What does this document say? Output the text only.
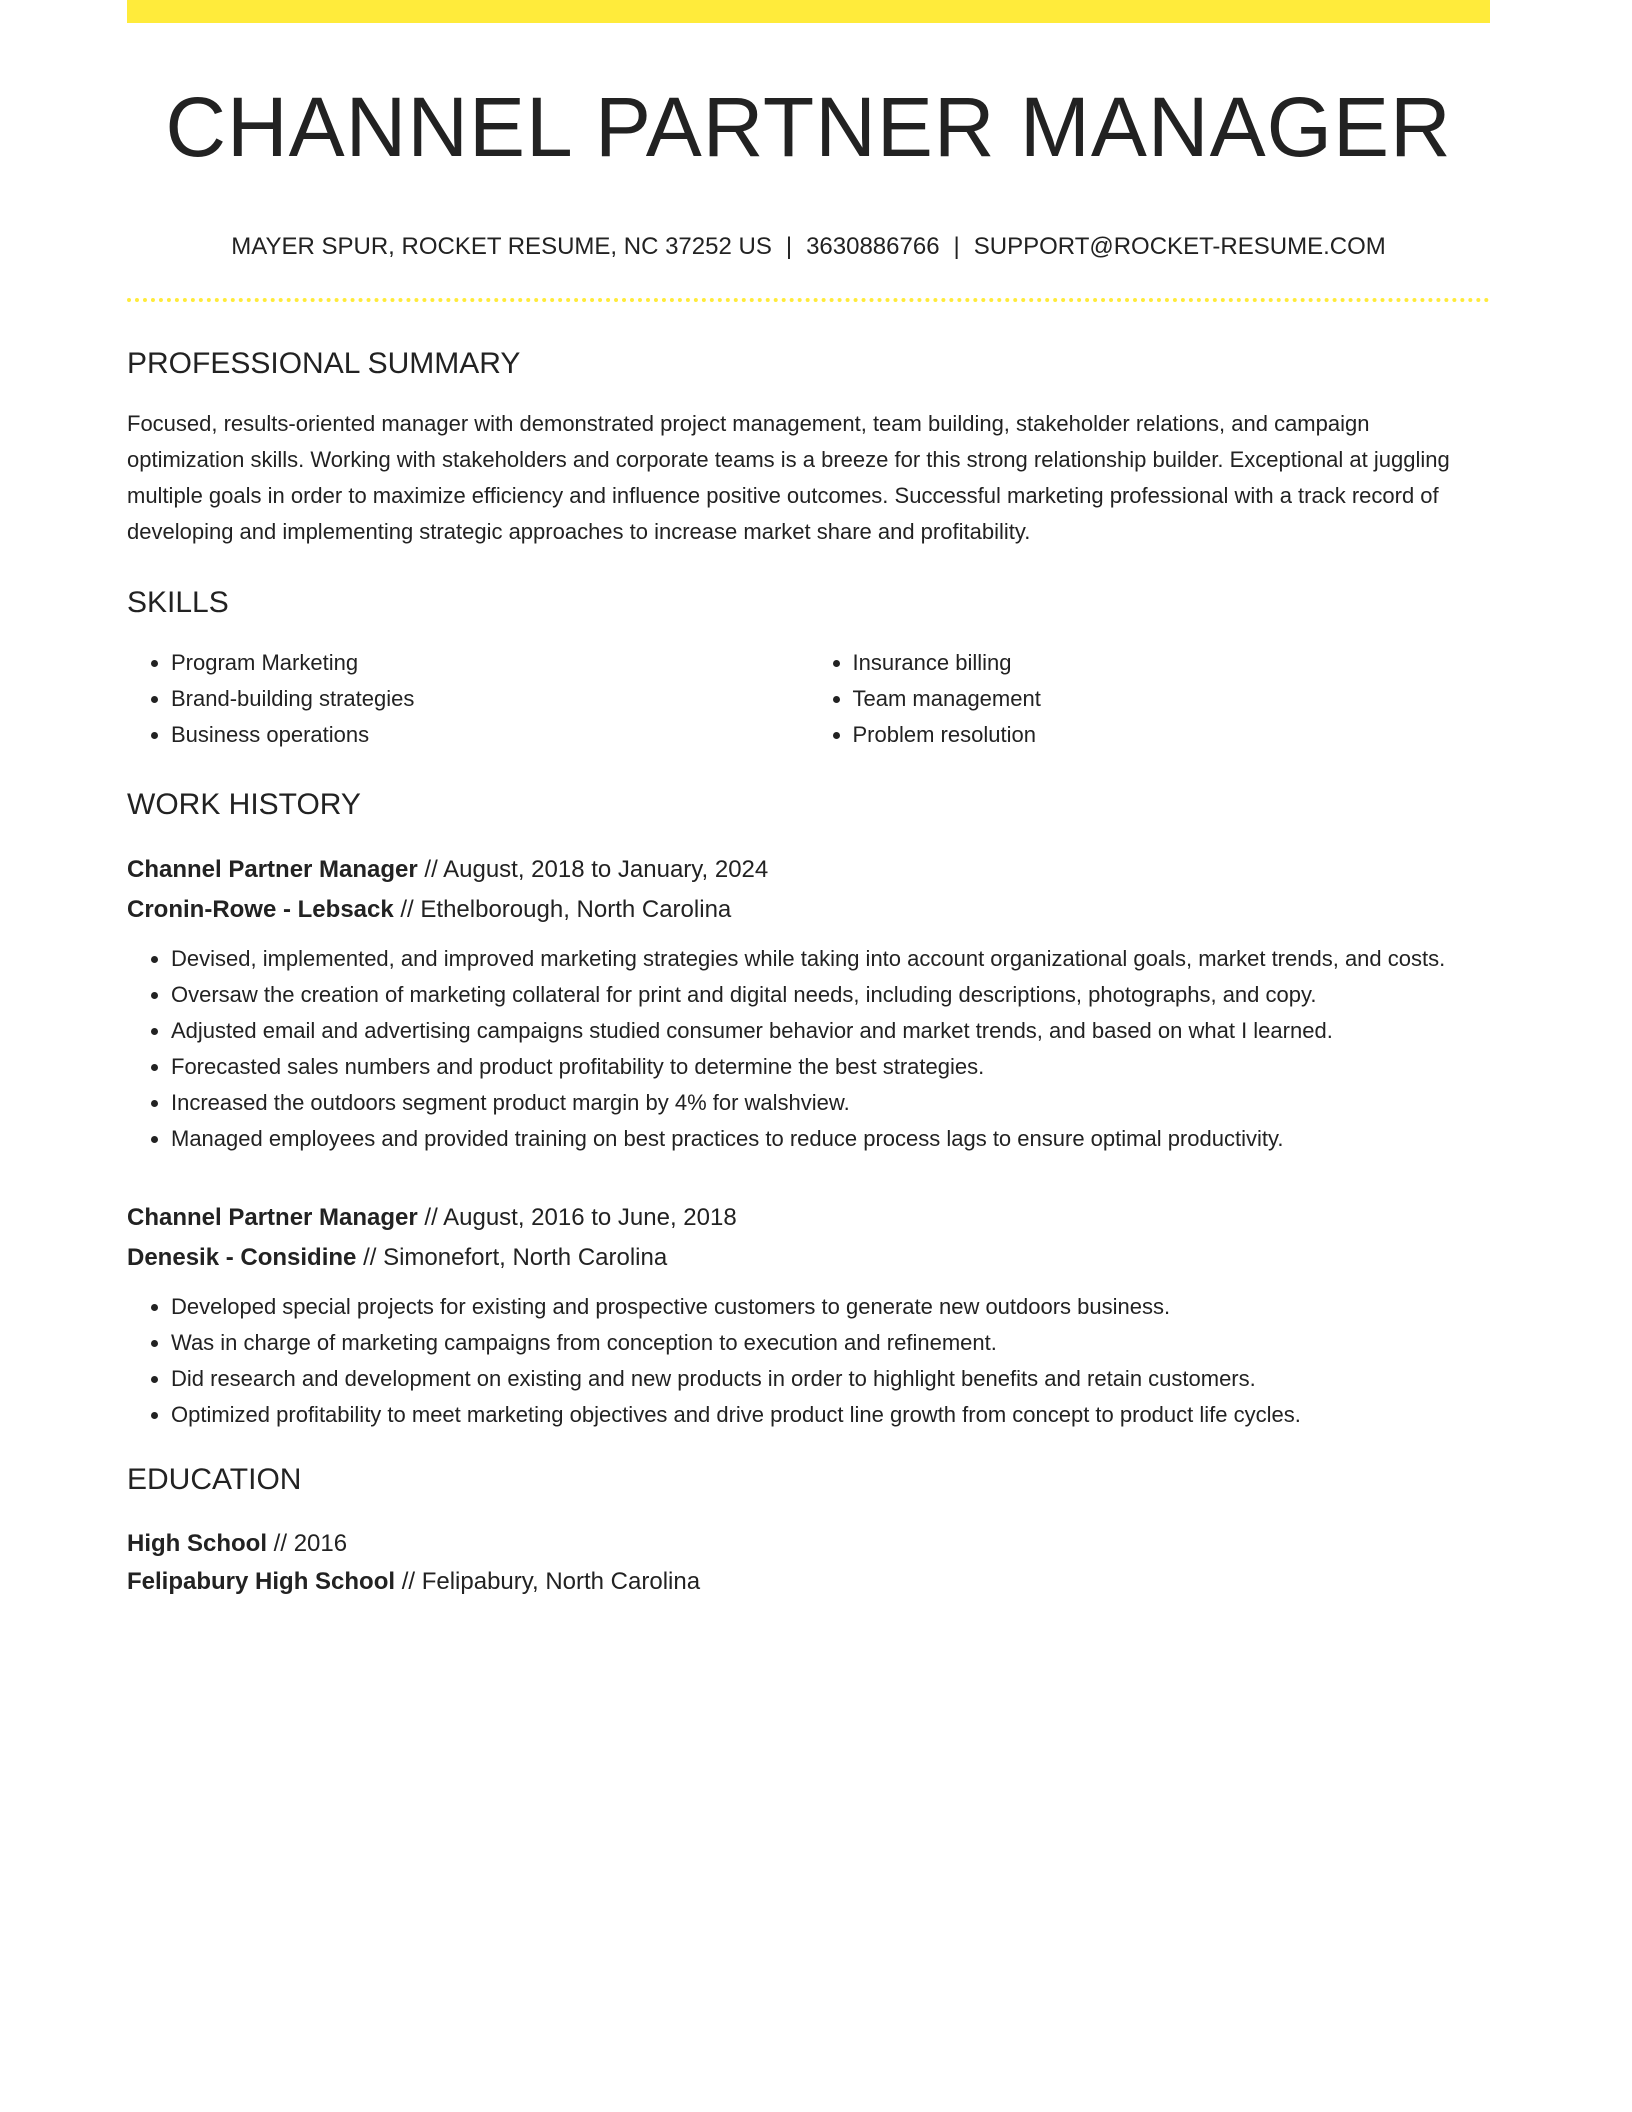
CHANNEL PARTNER MANAGER
MAYER SPUR, ROCKET RESUME, NC 37252 US | 3630886766 | SUPPORT@ROCKET-RESUME.COM
PROFESSIONAL SUMMARY

Focused, results-oriented manager with demonstrated project management, team building, stakeholder relations, and campaign optimization skills. Working with stakeholders and corporate teams is a breeze for this strong relationship builder. Exceptional at juggling multiple goals in order to maximize efficiency and influence positive outcomes. Successful marketing professional with a track record of developing and implementing strategic approaches to increase market share and profitability.

SKILLS
• Program Marketing
• Brand-building strategies
• Business operations
• Insurance billing
• Team management
• Problem resolution
WORK HISTORY
Channel Partner Manager // August, 2018 to January, 2024
Cronin-Rowe - Lebsack // Ethelborough, North Carolina
• Devised, implemented, and improved marketing strategies while taking into account organizational goals, market trends, and costs.
• Oversaw the creation of marketing collateral for print and digital needs, including descriptions, photographs, and copy.
• Adjusted email and advertising campaigns studied consumer behavior and market trends, and based on what I learned.
• Forecasted sales numbers and product profitability to determine the best strategies.
• Increased the outdoors segment product margin by 4% for walshview.
• Managed employees and provided training on best practices to reduce process lags to ensure optimal productivity.
Channel Partner Manager // August, 2016 to June, 2018
Denesik - Considine // Simonefort, North Carolina
• Developed special projects for existing and prospective customers to generate new outdoors business.
• Was in charge of marketing campaigns from conception to execution and refinement.
• Did research and development on existing and new products in order to highlight benefits and retain customers.
• Optimized profitability to meet marketing objectives and drive product line growth from concept to product life cycles.
EDUCATION
High School // 2016
Felipabury High School // Felipabury, North Carolina
